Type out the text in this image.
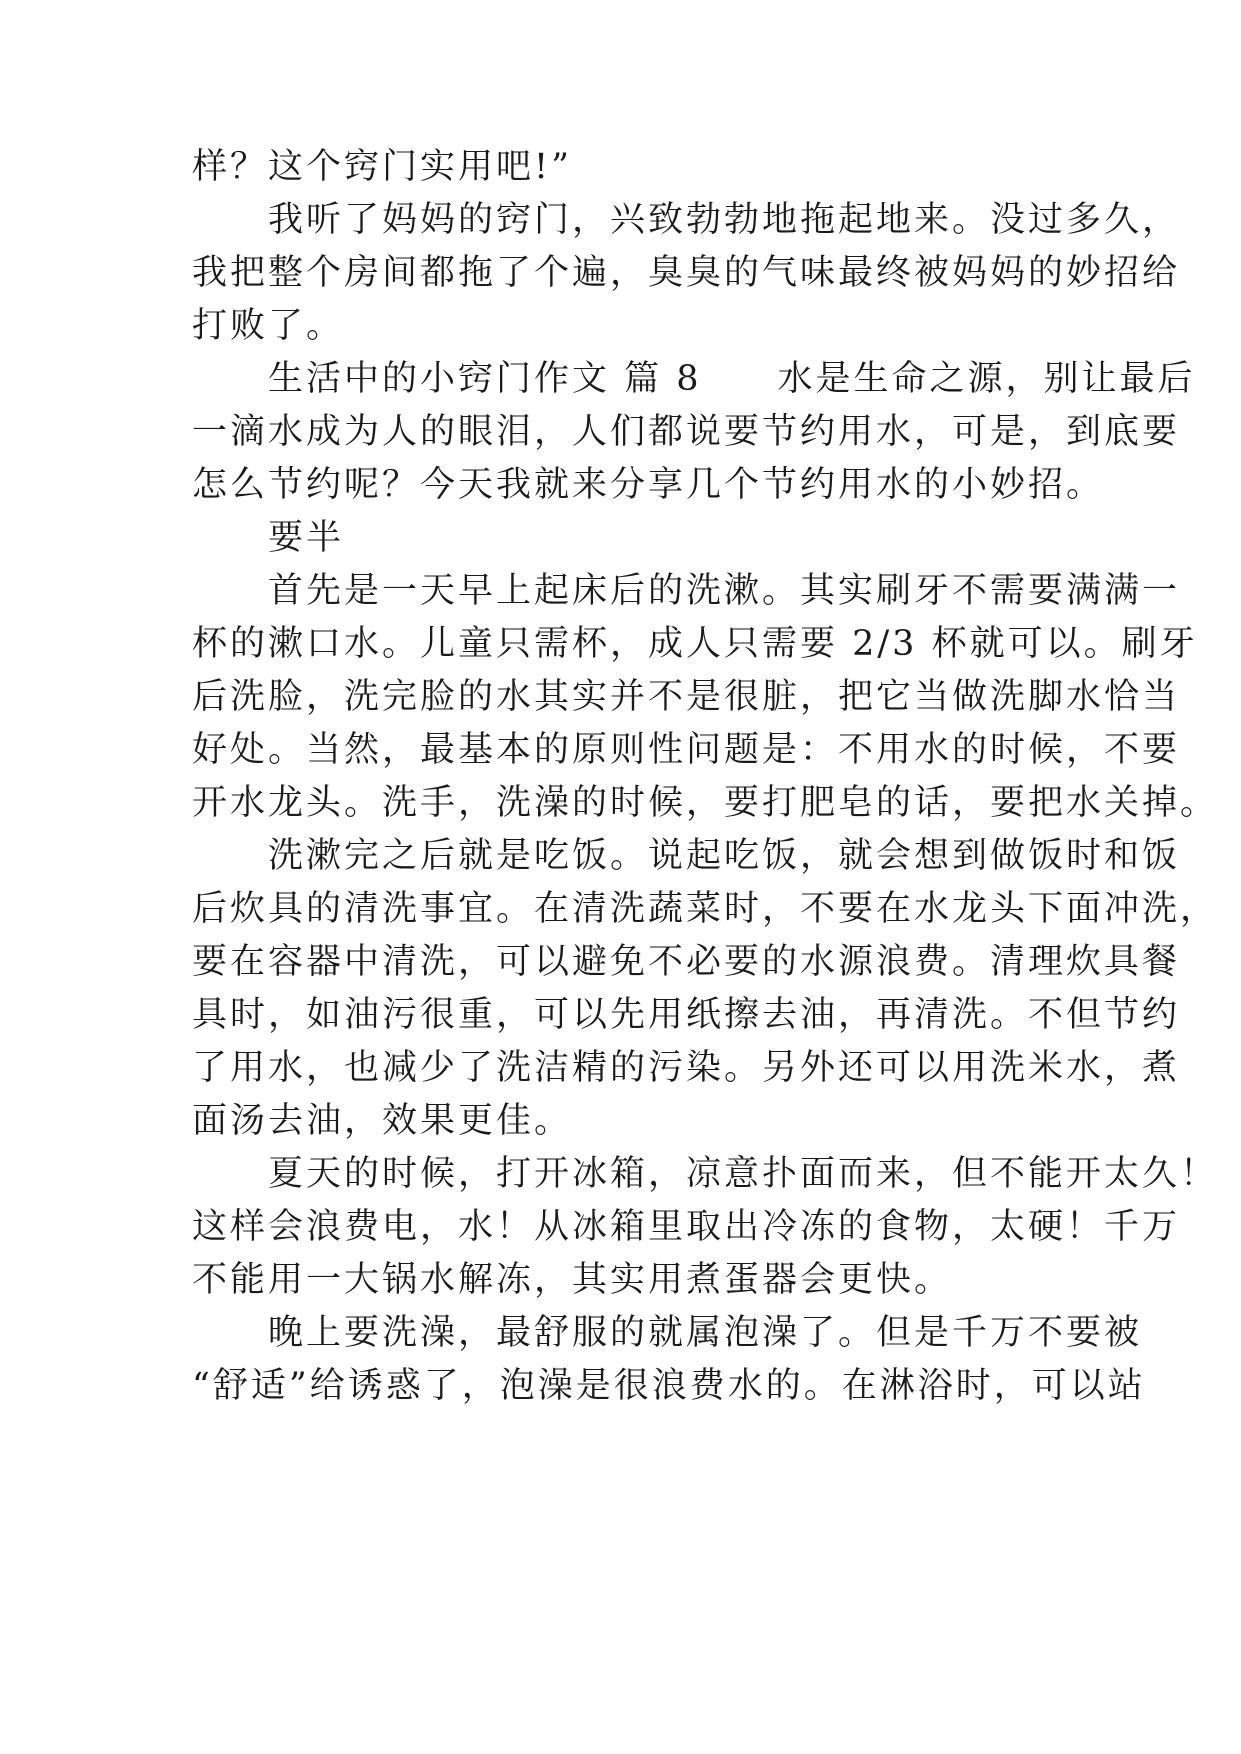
样？这个窍门实用吧!”
　　我听了妈妈的窍门，兴致勃勃地拖起地来。没过多久，
我把整个房间都拖了个遍，臭臭的气味最终被妈妈的妙招给
打败了。
　　生活中的小窍门作文 篇 8　　水是生命之源，别让最后
一滴水成为人的眼泪，人们都说要节约用水，可是，到底要
怎么节约呢？今天我就来分享几个节约用水的小妙招。
　　要半
　　首先是一天早上起床后的洗漱。其实刷牙不需要满满一
杯的漱口水。儿童只需杯，成人只需要 2/3 杯就可以。刷牙
后洗脸，洗完脸的水其实并不是很脏，把它当做洗脚水恰当
好处。当然，最基本的原则性问题是：不用水的时候，不要
开水龙头。洗手，洗澡的时候，要打肥皂的话，要把水关掉。
　　洗漱完之后就是吃饭。说起吃饭，就会想到做饭时和饭
后炊具的清洗事宜。在清洗蔬菜时，不要在水龙头下面冲洗，
要在容器中清洗，可以避免不必要的水源浪费。清理炊具餐
具时，如油污很重，可以先用纸擦去油，再清洗。不但节约
了用水，也减少了洗洁精的污染。另外还可以用洗米水，煮
面汤去油，效果更佳。
　　夏天的时候，打开冰箱，凉意扑面而来，但不能开太久！
这样会浪费电，水！从冰箱里取出冷冻的食物，太硬！千万
不能用一大锅水解冻，其实用煮蛋器会更快。
　　晚上要洗澡，最舒服的就属泡澡了。但是千万不要被
“舒适”给诱惑了，泡澡是很浪费水的。在淋浴时，可以站
